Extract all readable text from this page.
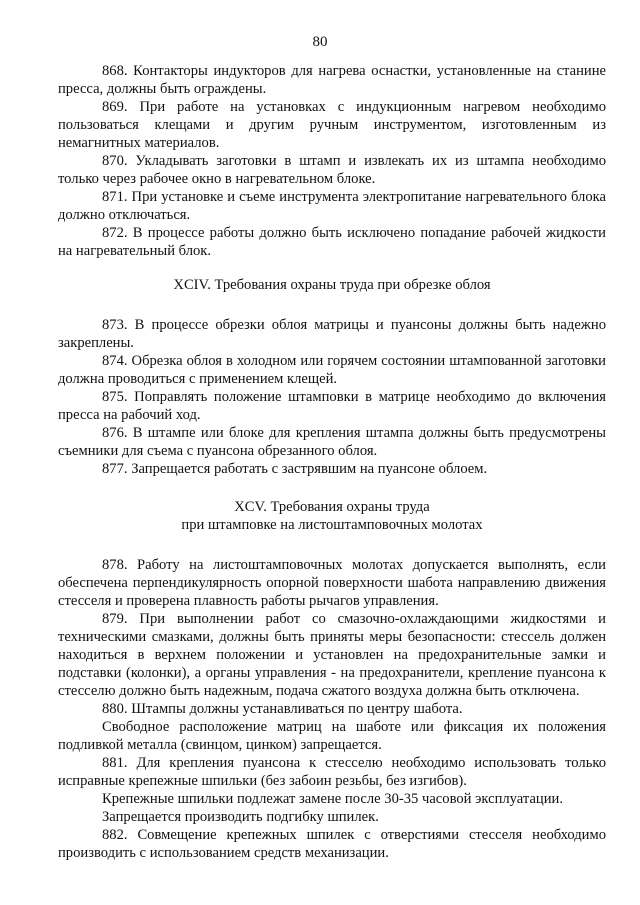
80

868. Контакторы индукторов для нагрева оснастки, установленные на станине пресса, должны быть ограждены.

869. При работе на установках с индукционным нагревом необходимо пользоваться клещами и другим ручным инструментом, изготовленным из немагнитных материалов.

870. Укладывать заготовки в штамп и извлекать их из штампа необходимо только через рабочее окно в нагревательном блоке.

871. При установке и съеме инструмента электропитание нагревательного блока должно отключаться.

872. В процессе работы должно быть исключено попадание рабочей жидкости на нагревательный блок.

XCIV. Требования охраны труда при обрезке облоя

873. В процессе обрезки облоя матрицы и пуансоны должны быть надежно закреплены.

874. Обрезка облоя в холодном или горячем состоянии штампованной заготовки должна проводиться с применением клещей.

875. Поправлять положение штамповки в матрице необходимо до включения пресса на рабочий ход.

876. В штампе или блоке для крепления штампа должны быть предусмотрены съемники для съема с пуансона обрезанного облоя.

877. Запрещается работать с застрявшим на пуансоне облоем.

XCV. Требования охраны труда

при штамповке на листоштамповочных молотах

878. Работу на листоштамповочных молотах допускается выполнять, если обеспечена перпендикулярность опорной поверхности шабота направлению движения стесселя и проверена плавность работы рычагов управления.

879. При выполнении работ со смазочно-охлаждающими жидкостями и техническими смазками, должны быть приняты меры безопасности: стессель должен находиться в верхнем положении и установлен на предохранительные замки и подставки (колонки), а органы управления - на предохранители, крепление пуансона к стесселю должно быть надежным, подача сжатого воздуха должна быть отключена.

880. Штампы должны устанавливаться по центру шабота.

Свободное расположение матриц на шаботе или фиксация их положения подливкой металла (свинцом, цинком) запрещается.

881. Для крепления пуансона к стесселю необходимо использовать только исправные крепежные шпильки (без забоин резьбы, без изгибов).

Крепежные шпильки подлежат замене после 30-35 часовой эксплуатации.

Запрещается производить подгибку шпилек.

882. Совмещение крепежных шпилек с отверстиями стесселя необходимо производить с использованием средств механизации.
